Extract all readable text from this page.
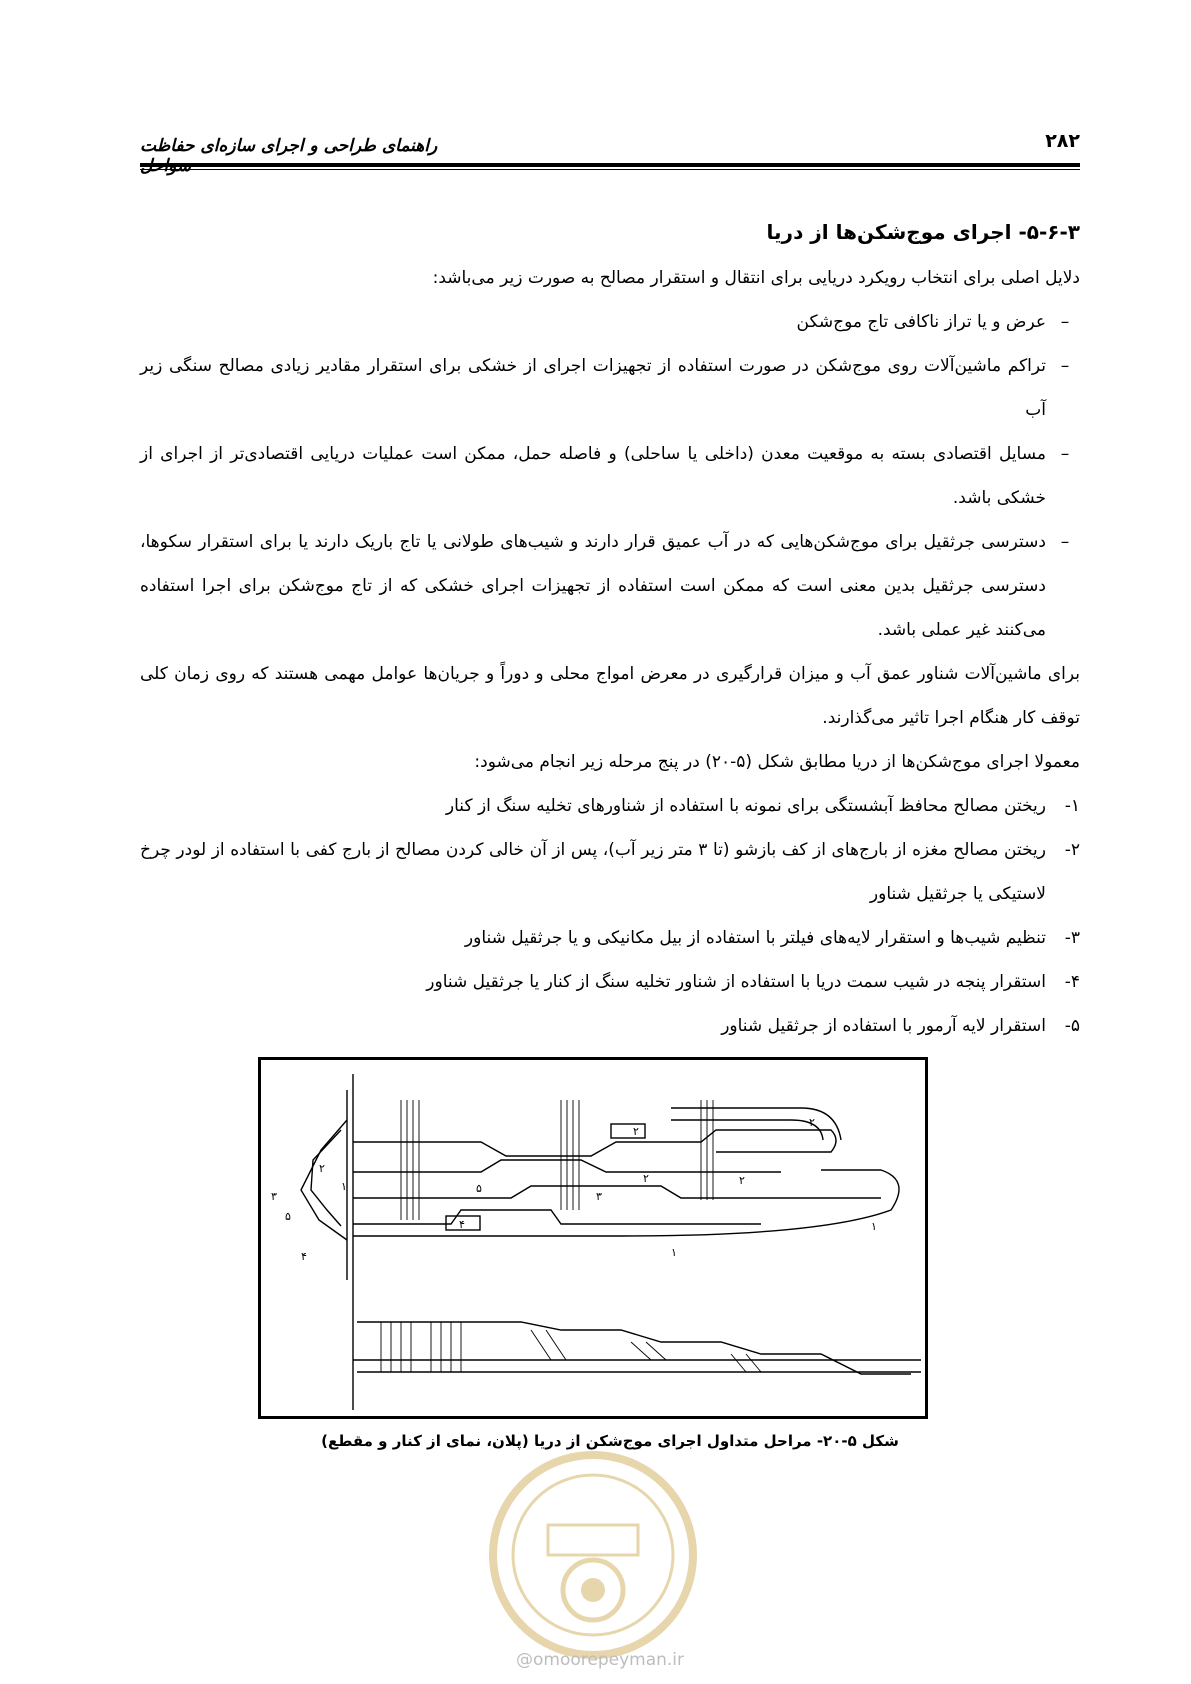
راهنمای طراحی و اجرای سازه‌ای حفاظت	۲۸۲
۵-۶-۳- اجرای موج‌شکن‌ها از دریا

دلایل اصلی برای انتخاب رویکرد دریایی برای انتقال و استقرار مصالح به صورت زیر می‌باشد:

–
عرض و یا تراز ناکافی تاج موج‌شکن
–
تراکم ماشین‌آلات روی موج‌شکن در صورت استفاده از تجهیزات اجرای از خشکی برای استقرار مقادیر زیادی مصالح سنگی زیر آب
–
مسایل اقتصادی بسته به موقعیت معدن (داخلی یا ساحلی) و فاصله حمل، ممکن است عملیات دریایی اقتصادی‌تر از اجرای از خشکی باشد.
–
دسترسی جرثقیل برای موج‌شکن‌هایی که در آب عمیق قرار دارند و شیب‌های طولانی یا تاج باریک دارند یا برای استقرار سکوها، دسترسی جرثقیل بدین معنی است که ممکن است استفاده از تجهیزات اجرای خشکی که از تاج موج‌شکن برای اجرا استفاده می‌کنند غیر عملی باشد.

برای ماشین‌آلات شناور عمق آب و میزان قرارگیری در معرض امواج محلی و دوراً و جریان‌ها عوامل مهمی هستند که روی زمان کلی توقف کار هنگام اجرا تاثیر می‌گذارند.

معمولا اجرای موج‌شکن‌ها از دریا مطابق شکل (۵-۲۰) در پنج مرحله زیر انجام می‌شود:

۱-
ریختن مصالح محافظ آبشستگی برای نمونه با استفاده از شناورهای تخلیه سنگ از کنار
۲-
ریختن مصالح مغزه از بارج‌های از کف بازشو (تا ۳ متر زیر آب)، پس از آن خالی کردن مصالح از بارج کفی با استفاده از لودر چرخ لاستیکی یا جرثقیل شناور
۳-
تنظیم شیب‌ها و استقرار لایه‌های فیلتر با استفاده از بیل مکانیکی و یا جرثقیل شناور
۴-
استقرار پنجه در شیب سمت دریا با استفاده از شناور تخلیه سنگ از کنار یا جرثقیل شناور
۵-
استقرار لایه آرمور با استفاده از جرثقیل شناور
۲
۳
۵
۴
۱	۵
۴
۳
۲
۲	۲
۲
۱
۱
شکل ۵-۲۰- مراحل متداول اجرای موج‌شکن از دریا (پلان، نمای از کنار و مقطع)
@omoorepeyman.ir
